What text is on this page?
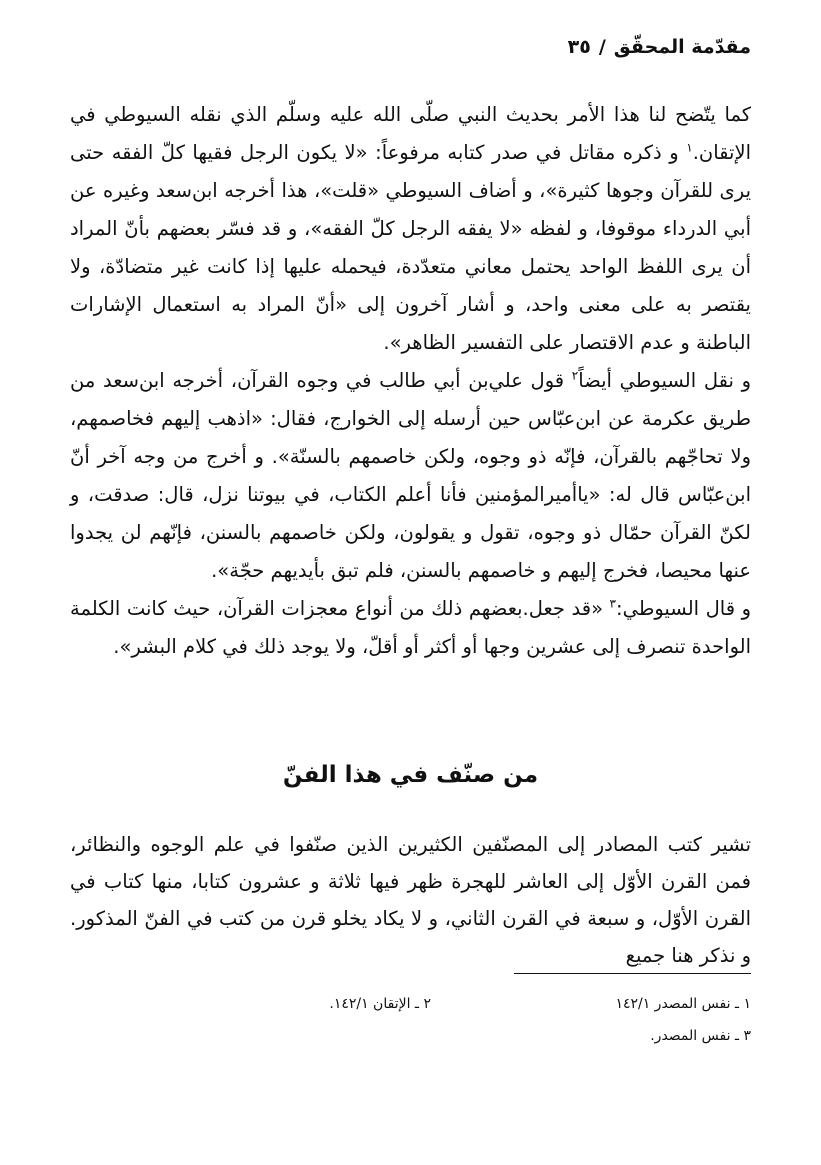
مقدّمة المحقّق/٣٥

كما يتّضح لنا هذا الأمر بحديث النبي صلّى الله عليه وسلّم الذي نقله السيوطي في الإتقان.$^١$ و ذكره مقاتل في صدر كتابه مرفوعاً: «لا يكون الرجل فقيها كلّ الفقه حتى يرى للقرآن وجوها كثيرة»، و أضاف السيوطي «قلت»، هذا أخرجه ابن‌سعد وغيره عن أبي الدرداء موقوفا، و لفظه «لا يفقه الرجل كلّ الفقه»، و قد فسّر بعضهم بأنّ المراد أن يرى اللفظ الواحد يحتمل معاني متعدّدة، فيحمله عليها إذا كانت غير متضادّة، ولا يقتصر به على معنى واحد، و أشار آخرون إلى «أنّ المراد به استعمال الإشارات الباطنة و عدم الاقتصار على التفسير الظاهر».

و نقل السيوطي أيضاً$^٢$ قول علي‌بن أبي طالب في وجوه القرآن، أخرجه ابن‌سعد من طريق عكرمة عن ابن‌عبّاس حين أرسله إلى الخوارج، فقال: «اذهب إليهم فخاصمهم، ولا تحاجّهم بالقرآن، فإنّه ذو وجوه، ولكن خاصمهم بالسنّة». و أخرج من وجه آخر أنّ ابن‌عبّاس قال له: «ياأميرالمؤمنين فأنا أعلم الكتاب، في بيوتنا نزل، قال: صدقت، و لكنّ القرآن حمّال ذو وجوه، تقول و يقولون، ولكن خاصمهم بالسنن، فإنّهم لن يجدوا عنها محيصا، فخرج إليهم و خاصمهم بالسنن، فلم تبق بأيديهم حجّة».

و قال السيوطي:$^٣$ «قد جعل.بعضهم ذلك من أنواع معجزات القرآن، حيث كانت الكلمة الواحدة تنصرف إلى عشرين وجها أو أكثر أو أقلّ، ولا يوجد ذلك في كلام البشر».

من صنّف في هذا الفنّ
تشير كتب المصادر إلى المصنّفين الكثيرين الذين صنّفوا في علم الوجوه والنظائر، فمن القرن الأوّل إلى العاشر للهجرة ظهر فيها ثلاثة و عشرون كتابا، منها كتاب في القرن الأوّل، و سبعة في القرن الثاني، و لا يكاد يخلو قرن من كتب في الفنّ المذكور. و نذكر هنا جميع
١ ـ نفس المصدر ١٤٢/١
٢ ـ الإتقان ١٤٢/١.
٣ ـ نفس المصدر.
